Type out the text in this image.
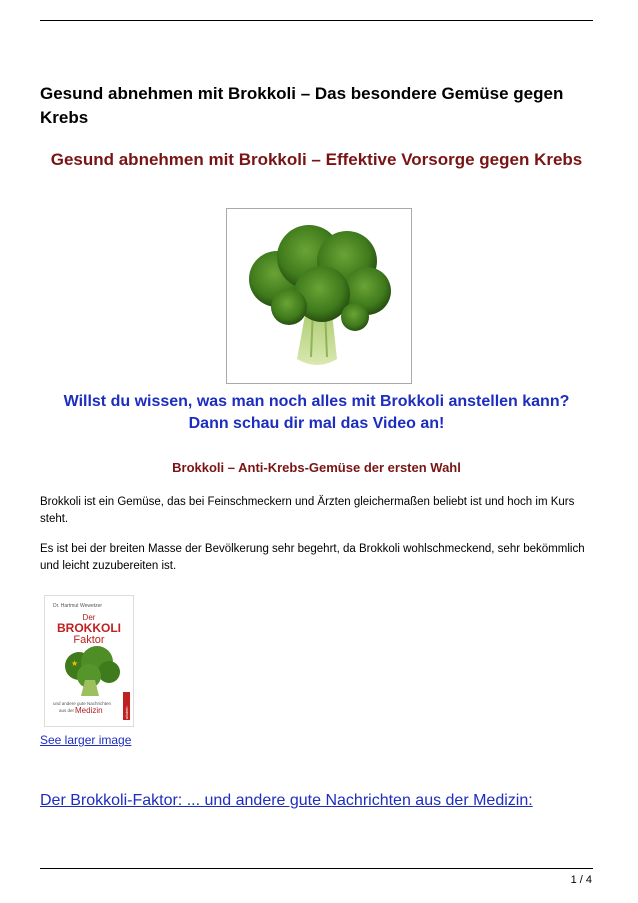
Gesund abnehmen mit Brokkoli – Das besondere Gemüse gegen Krebs
Gesund abnehmen mit Brokkoli – Effektive Vorsorge gegen Krebs
Willst du wissen, was man noch alles mit Brokkoli anstellen kann?
Dann schau dir mal das Video an!
Brokkoli – Anti-Krebs-Gemüse der ersten Wahl
Brokkoli ist ein Gemüse, das bei Feinschmeckern und Ärzten gleichermaßen beliebt ist und hoch im Kurs steht.
Es ist bei der breiten Masse der Bevölkerung sehr begehrt, da Brokkoli wohlschmeckend, sehr bekömmlich und leicht zuzubereiten ist.
Dr. Hartmut Wewetzer
Der
BROKKOLI
Faktor
★
und andere gute Nachrichten
aus der Medizin	ullstein
See larger image
Der Brokkoli-Faktor: ... und andere gute Nachrichten aus der Medizin:
1 / 4
